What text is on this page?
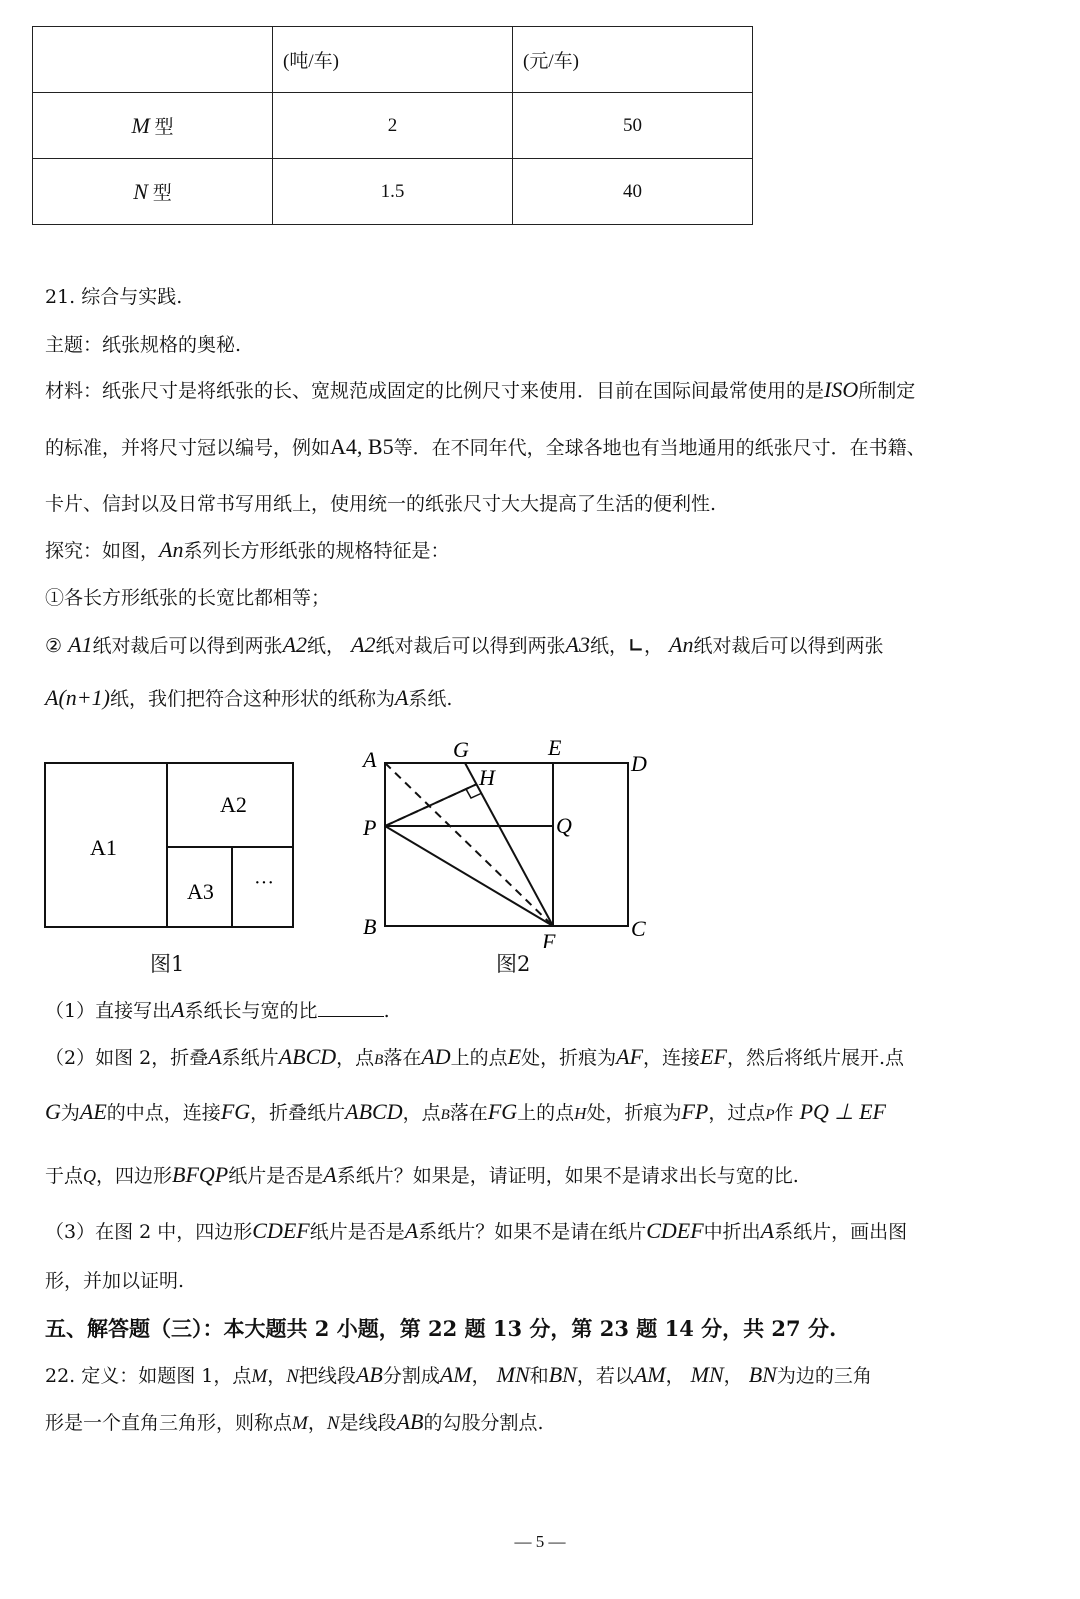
	(吨/车)	(元/车)
M 型	2	50
N 型	1.5	40
21. 综合与实践.
主题：纸张规格的奥秘.
材料：纸张尺寸是将纸张的长、宽规范成固定的比例尺寸来使用．目前在国际间最常使用的是ISO所制定
的标准，并将尺寸冠以编号，例如A4, B5等．在不同年代，全球各地也有当地通用的纸张尺寸．在书籍、
卡片、信封以及日常书写用纸上，使用统一的纸张尺寸大大提高了生活的便利性.
探究：如图，An系列长方形纸张的规格特征是：
①各长方形纸张的长宽比都相等；
② A1纸对裁后可以得到两张A2纸， A2纸对裁后可以得到两张A3纸，∟， An纸对裁后可以得到两张
A(n+1)纸，我们把符合这种形状的纸称为A系纸.
A1
A2
A3 ···
图1
A	G	E
D
H
P	Q
B
F
C
图2
（1）直接写出A系纸长与宽的比	.
（2）如图 2，折叠A系纸片ABCD，点B落在AD上的点E处，折痕为AF，连接EF，然后将纸片展开.点
G为AE的中点，连接FG，折叠纸片ABCD，点B落在FG上的点H处，折痕为FP，过点P作 PQ ⊥ EF
于点Q，四边形BFQP纸片是否是A系纸片？如果是，请证明，如果不是请求出长与宽的比.
（3）在图 2 中，四边形CDEF纸片是否是A系纸片？如果不是请在纸片CDEF中折出A系纸片，画出图
形，并加以证明.
五、解答题（三）：本大题共 2 小题，第 22 题 13 分，第 23 题 14 分，共 27 分.
22. 定义：如题图 1，点M，N把线段AB分割成AM， MN和BN，若以AM， MN， BN为边的三角
形是一个直角三角形，则称点M，N是线段AB的勾股分割点.
— 5 —
